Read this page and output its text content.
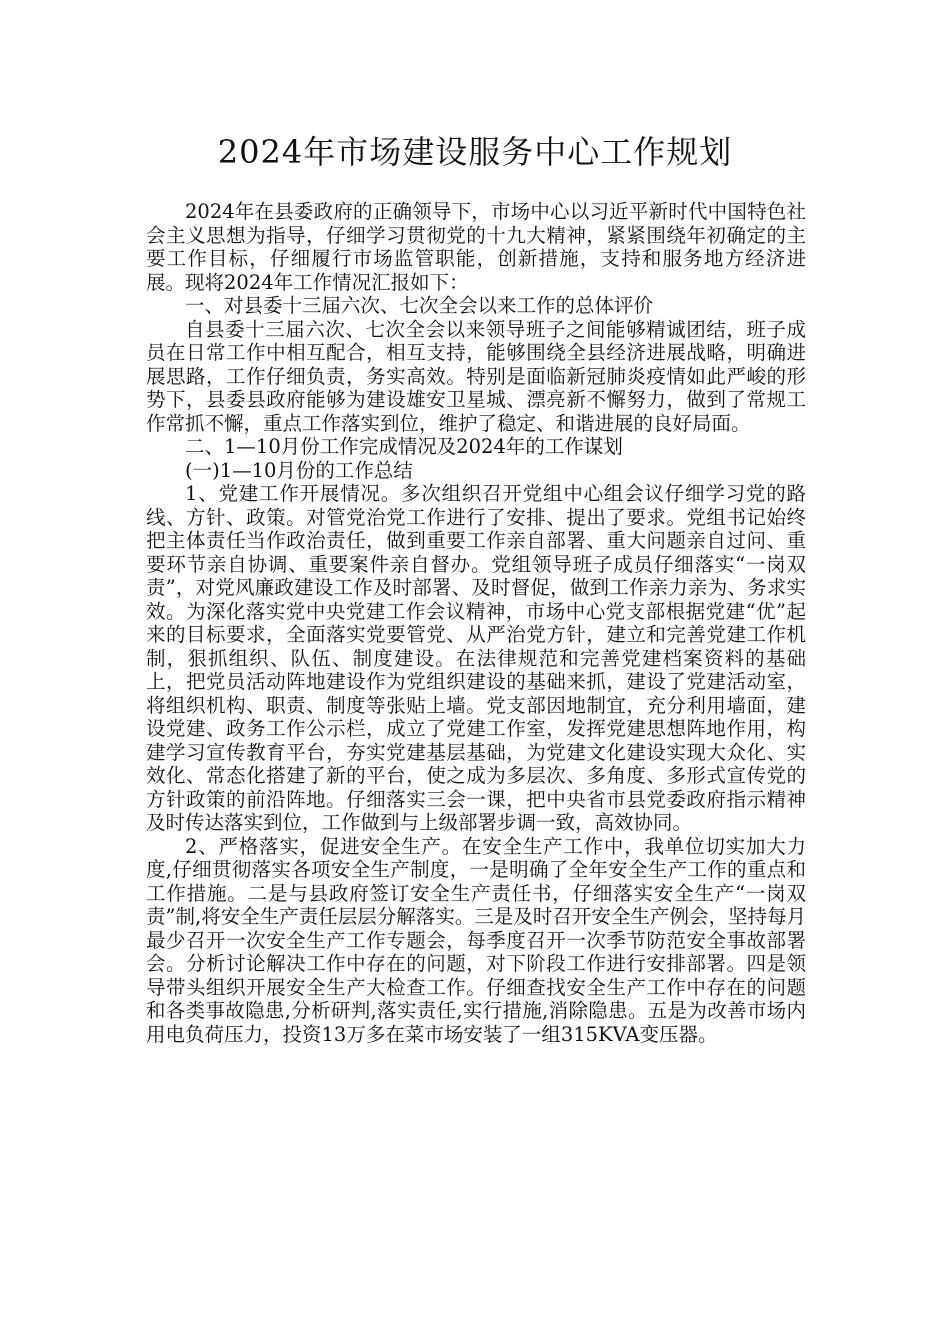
2024年市场建设服务中心工作规划

2024年在县委政府的正确领导下，市场中心以习近平新时代中国特色社会主义思想为指导，仔细学习贯彻党的十九大精神，紧紧围绕年初确定的主要工作目标，仔细履行市场监管职能，创新措施，支持和服务地方经济进展。现将2024年工作情况汇报如下：

一、对县委十三届六次、七次全会以来工作的总体评价

自县委十三届六次、七次全会以来领导班子之间能够精诚团结，班子成员在日常工作中相互配合，相互支持，能够围绕全县经济进展战略，明确进展思路，工作仔细负责，务实高效。特别是面临新冠肺炎疫情如此严峻的形势下，县委县政府能够为建设雄安卫星城、漂亮新不懈努力，做到了常规工作常抓不懈，重点工作落实到位，维护了稳定、和谐进展的良好局面。

二、1—10月份工作完成情况及2024年的工作谋划

(一)1—10月份的工作总结

1、党建工作开展情况。多次组织召开党组中心组会议仔细学习党的路线、方针、政策。对管党治党工作进行了安排、提出了要求。党组书记始终把主体责任当作政治责任，做到重要工作亲自部署、重大问题亲自过问、重要环节亲自协调、重要案件亲自督办。党组领导班子成员仔细落实“一岗双责”，对党风廉政建设工作及时部署、及时督促，做到工作亲力亲为、务求实效。为深化落实党中央党建工作会议精神，市场中心党支部根据党建“优”起来的目标要求，全面落实党要管党、从严治党方针，建立和完善党建工作机制，狠抓组织、队伍、制度建设。在法律规范和完善党建档案资料的基础上，把党员活动阵地建设作为党组织建设的基础来抓，建设了党建活动室，将组织机构、职责、制度等张贴上墙。党支部因地制宜，充分利用墙面，建设党建、政务工作公示栏，成立了党建工作室，发挥党建思想阵地作用，构建学习宣传教育平台，夯实党建基层基础，为党建文化建设实现大众化、实效化、常态化搭建了新的平台，使之成为多层次、多角度、多形式宣传党的方针政策的前沿阵地。仔细落实三会一课，把中央省市县党委政府指示精神及时传达落实到位，工作做到与上级部署步调一致，高效协同。

2、严格落实，促进安全生产。在安全生产工作中，我单位切实加大力度,仔细贯彻落实各项安全生产制度，一是明确了全年安全生产工作的重点和工作措施。二是与县政府签订安全生产责任书，仔细落实安全生产“一岗双责”制,将安全生产责任层层分解落实。三是及时召开安全生产例会，坚持每月最少召开一次安全生产工作专题会，每季度召开一次季节防范安全事故部署会。分析讨论解决工作中存在的问题，对下阶段工作进行安排部署。四是领导带头组织开展安全生产大检查工作。仔细查找安全生产工作中存在的问题和各类事故隐患,分析研判,落实责任,实行措施,消除隐患。五是为改善市场内用电负荷压力，投资13万多在菜市场安装了一组315KVA变压器。
